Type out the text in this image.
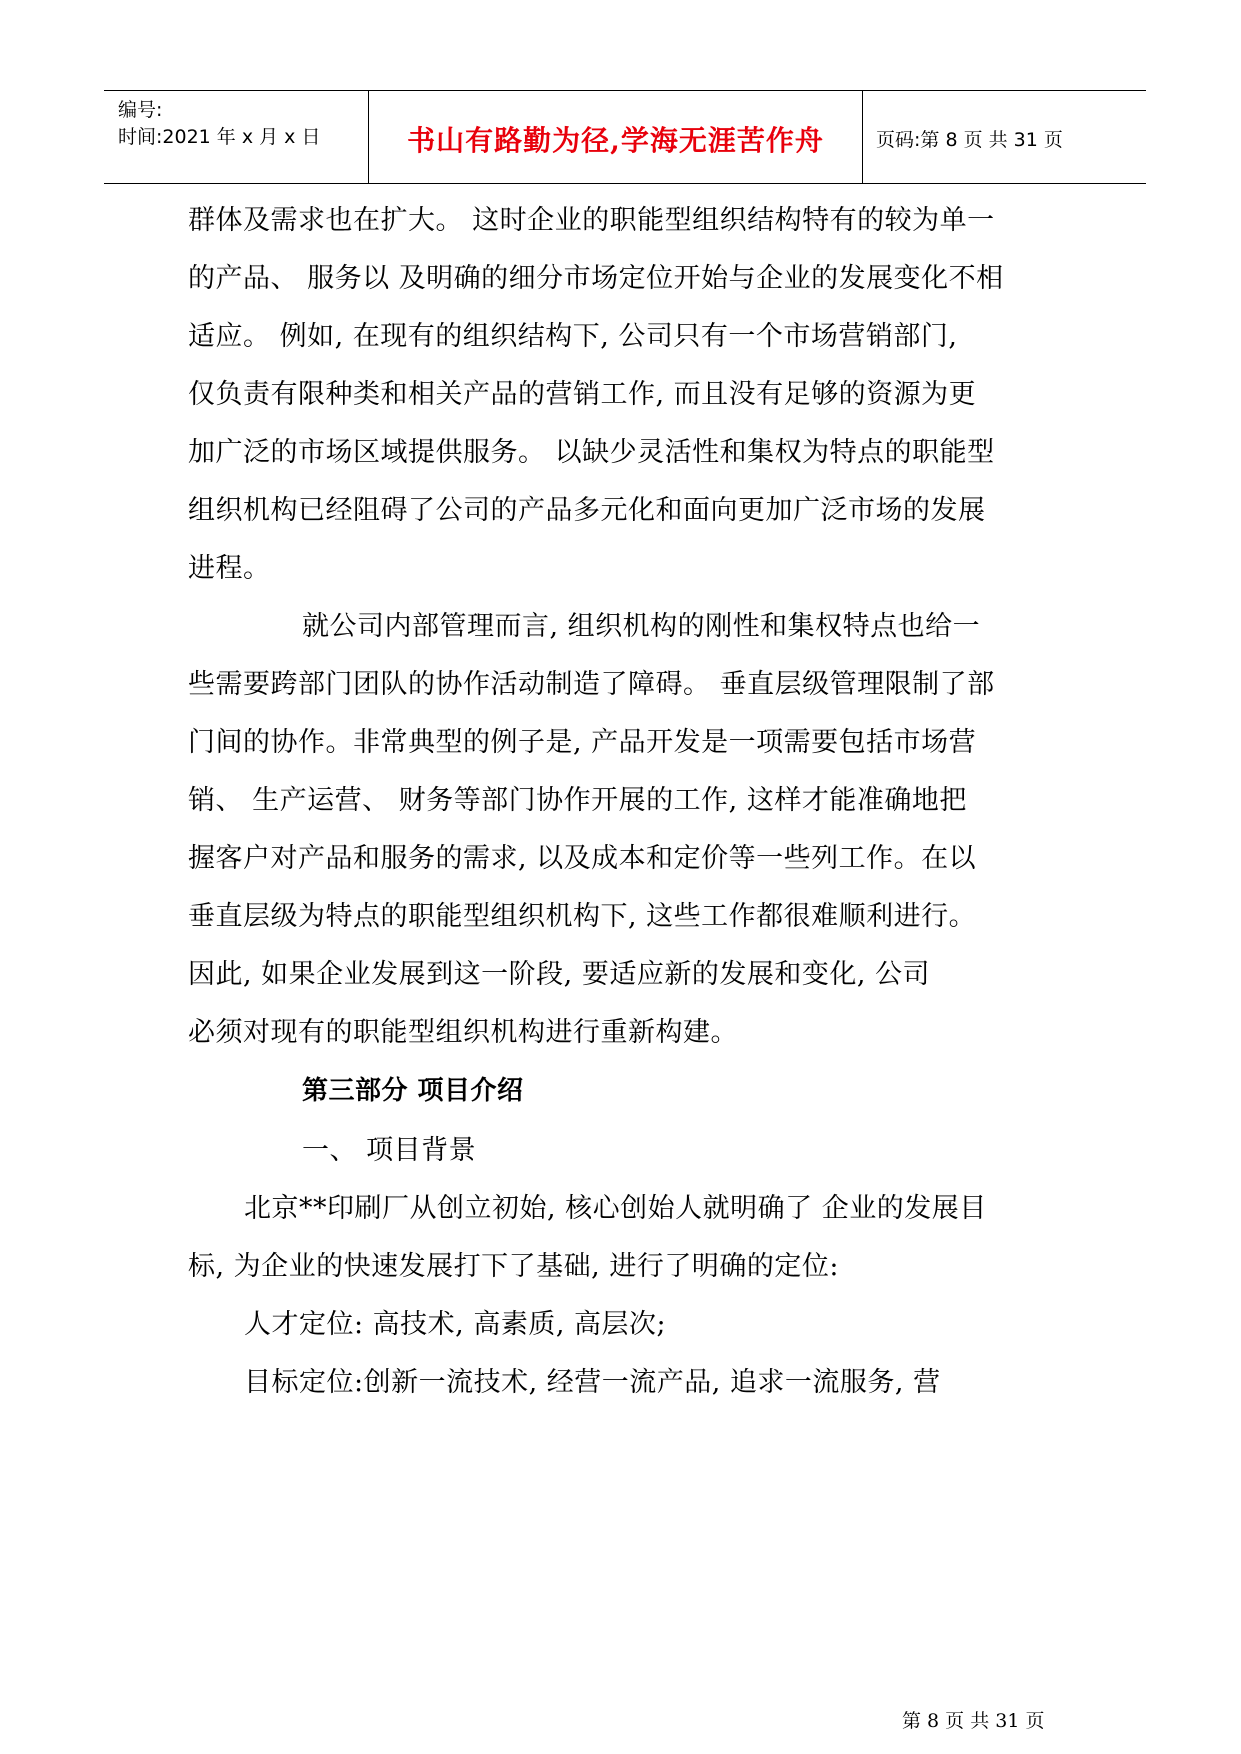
编号:
时间:2021 年 x 月 x 日	书山有路勤为径,学海无涯苦作舟	页码:第 8 页 共 31 页
群体及需求也在扩大。 这时企业的职能型组织结构特有的较为单一
的产品、 服务以 及明确的细分市场定位开始与企业的发展变化不相
适应。 例如, 在现有的组织结构下, 公司只有一个市场营销部门,
仅负责有限种类和相关产品的营销工作, 而且没有足够的资源为更
加广泛的市场区域提供服务。 以缺少灵活性和集权为特点的职能型
组织机构已经阻碍了公司的产品多元化和面向更加广泛市场的发展
进程。
就公司内部管理而言, 组织机构的刚性和集权特点也给一
些需要跨部门团队的协作活动制造了障碍。 垂直层级管理限制了部
门间的协作。非常典型的例子是, 产品开发是一项需要包括市场营
销、 生产运营、 财务等部门协作开展的工作, 这样才能准确地把
握客户对产品和服务的需求, 以及成本和定价等一些列工作。在以
垂直层级为特点的职能型组织机构下, 这些工作都很难顺利进行。
因此, 如果企业发展到这一阶段, 要适应新的发展和变化, 公司
必须对现有的职能型组织机构进行重新构建。
第三部分 项目介绍
一、 项目背景
北京**印刷厂从创立初始, 核心创始人就明确了 企业的发展目
标, 为企业的快速发展打下了基础, 进行了明确的定位:
人才定位: 高技术, 高素质, 高层次;
目标定位:创新一流技术, 经营一流产品, 追求一流服务, 营
第 8 页 共 31 页
